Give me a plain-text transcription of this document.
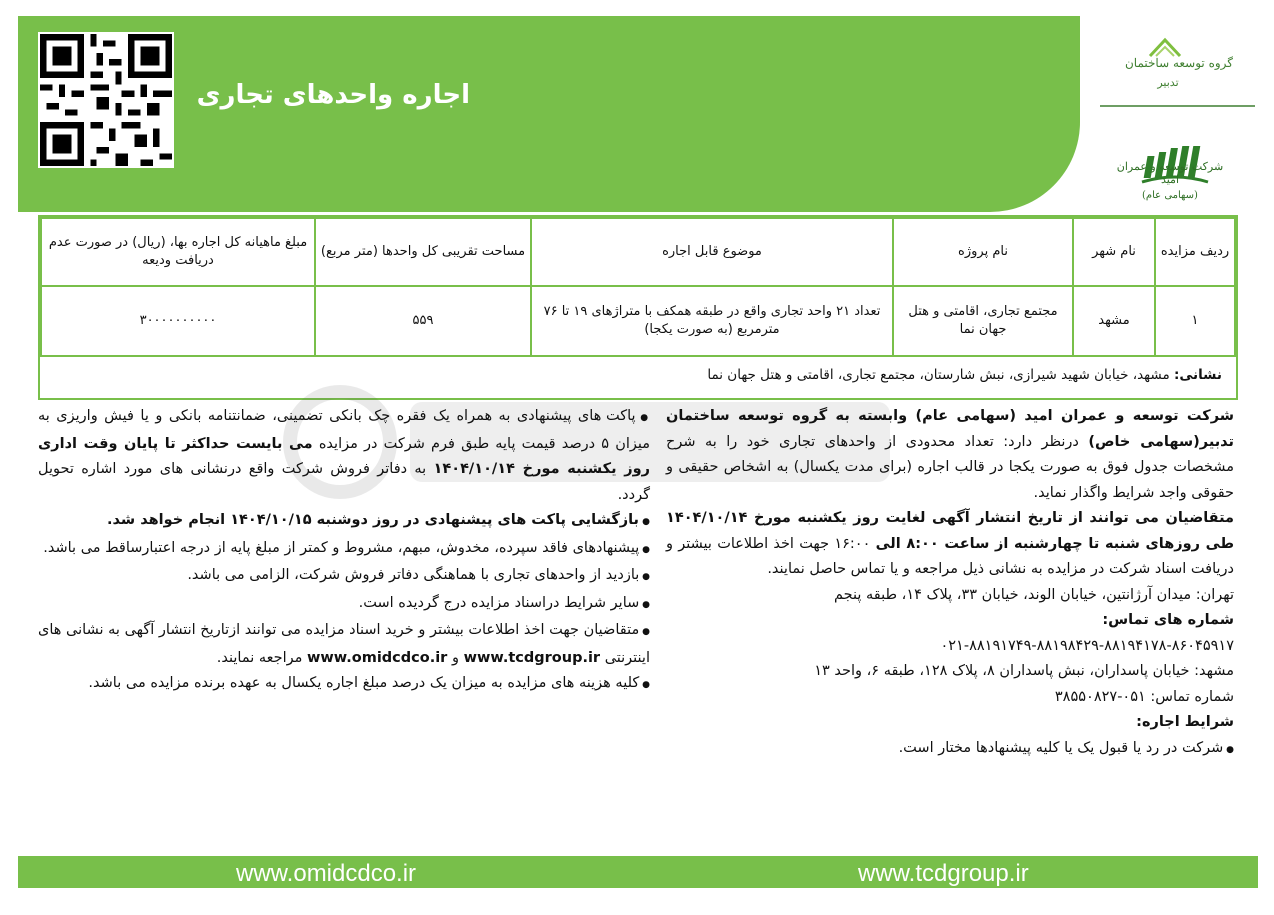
اجاره واحدهای تجاری
گروه توسعه ساختمان
تدبیر
شرکت توسعه و عمران امید
(سهامی عام)
ردیف مزایده	نام شهر	نام پروژه	موضوع قابل اجاره	مساحت تقریبی کل واحدها (متر مربع)	مبلغ ماهیانه کل اجاره بها، (ریال) در صورت عدم دریافت ودیعه
۱	مشهد	مجتمع تجاری، اقامتی و هتل جهان نما	تعداد ۲۱ واحد تجاری واقع در طبقه همکف با متراژهای ۱۹ تا ۷۶ مترمربع (به صورت یکجا)	۵۵۹	۳۰۰۰۰۰۰۰۰۰۰
نشانی: مشهد، خیابان شهید شیرازی، نبش شارستان، مجتمع تجاری، اقامتی و هتل جهان نما

شرکت توسعه و عمران امید (سهامی عام) وابسته به گروه توسعه ساختمان تدبیر(سهامی خاص) درنظر دارد: تعداد محدودی از واحدهای تجاری خود را به شرح مشخصات جدول فوق به صورت یکجا در قالب اجاره (برای مدت یکسال) به اشخاص حقیقی و حقوقی واجد شرایط واگذار نماید.

متقاضیان می توانند از تاریخ انتشار آگهی لغایت روز یکشنبه مورخ ۱۴۰۴/۱۰/۱۴ طی روزهای شنبه تا چهارشنبه از ساعت ۸:۰۰ الی ۱۶:۰۰ جهت اخذ اطلاعات بیشتر و دریافت اسناد شرکت در مزایده به نشانی ذیل مراجعه و یا تماس حاصل نمایند.

تهران: میدان آرژانتین، خیابان الوند، خیابان ۳۳، پلاک ۱۴، طبقه پنجم

شماره های تماس:

۰۲۱-۸۸۱۹۱۷۴۹-۸۸۱۹۸۴۲۹-۸۸۱۹۴۱۷۸-۸۶۰۴۵۹۱۷

مشهد: خیابان پاسداران، نبش پاسداران ۸، پلاک ۱۲۸، طبقه ۶، واحد ۱۳

شماره تماس: ۰۵۱-۳۸۵۵۰۸۲۷

شرایط اجاره:

● شرکت در رد یا قبول یک یا کلیه پیشنهادها مختار است.

● پاکت های پیشنهادی به همراه یک فقره چک بانکی تضمینی، ضمانتنامه بانکی و یا فیش واریزی به میزان ۵ درصد قیمت پایه طبق فرم شرکت در مزایده می بایست حداکثر تا پایان وقت اداری روز یکشنبه مورخ ۱۴۰۴/۱۰/۱۴ به دفاتر فروش شرکت واقع درنشانی های مورد اشاره تحویل گردد.

● بازگشایی پاکت های پیشنهادی در روز دوشنبه ۱۴۰۴/۱۰/۱۵ انجام خواهد شد.

● پیشنهادهای فاقد سپرده، مخدوش، مبهم، مشروط و کمتر از مبلغ پایه از درجه اعتبارساقط می باشد.

● بازدید از واحدهای تجاری با هماهنگی دفاتر فروش شرکت، الزامی می باشد.

● سایر شرایط دراسناد مزایده درج گردیده است.

● متقاضیان جهت اخذ اطلاعات بیشتر و خرید اسناد مزایده می توانند ازتاریخ انتشار آگهی به نشانی های اینترنتی www.tcdgroup.ir و www.omidcdco.ir مراجعه نمایند.

● کلیه هزینه های مزایده به میزان یک درصد مبلغ اجاره یکسال به عهده برنده مزایده می باشد.

www.omidcdco.ir	www.tcdgroup.ir
